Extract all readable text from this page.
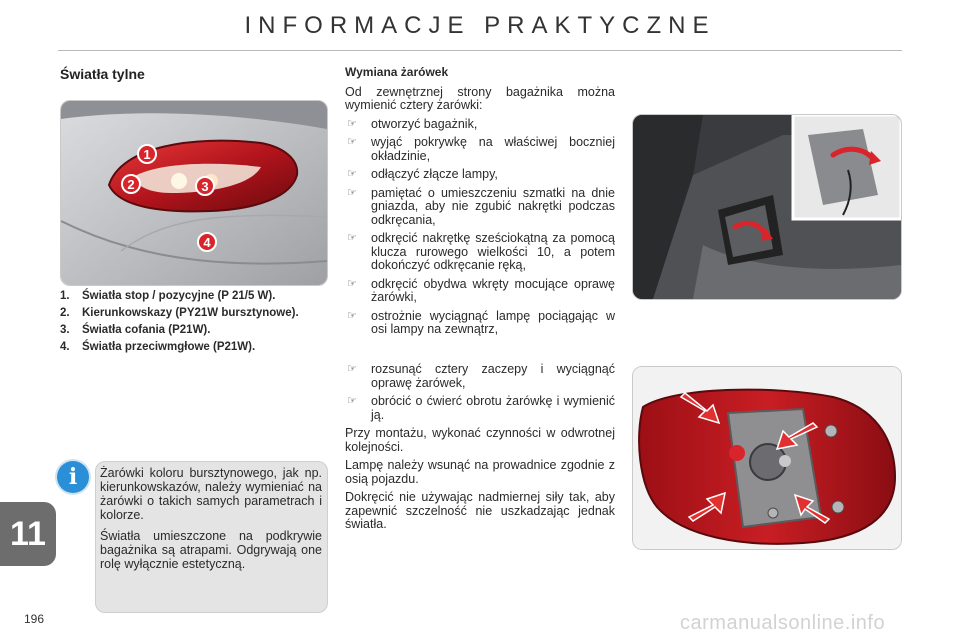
INFORMACJE PRAKTYCZNE
Światła tylne
1
2	3
4
1.	Światła stop / pozycyjne (P 21/5 W).
2.	Kierunkowskazy (PY21W bursztynowe).
3.	Światła cofania (P21W).
4.	Światła przeciwmgłowe (P21W).
i	Żarówki koloru bursztynowego, jak np. kierunkowskazów, należy wymieniać na żarówki o takich samych parametrach i kolorze.

Światła umieszczone na podkrywie bagażnika są atrapami. Odgrywają one rolę wyłącznie estetyczną.

11
196
Wymiana żarówek

Od zewnętrznej strony bagażnika można wymienić cztery żarówki:

☞	otworzyć bagażnik,
☞	wyjąć pokrywkę na właściwej boczniej okładzinie,
☞	odłączyć złącze lampy,
☞	pamiętać o umieszczeniu szmatki na dnie gniazda, aby nie zgubić nakrętki podczas odkręcania,
☞	odkręcić nakrętkę sześciokątną za pomocą klucza rurowego wielkości 10, a potem dokończyć odkręcanie ręką,
☞	odkręcić obydwa wkręty mocujące oprawę żarówki,
☞	ostrożnie wyciągnąć lampę pociągając w osi lampy na zewnątrz,
☞	rozsunąć cztery zaczepy i wyciągnąć oprawę żarówek,
☞	obrócić o ćwierć obrotu żarówkę i wymienić ją.

Przy montażu, wykonać czynności w odwrotnej kolejności.

Lampę należy wsunąć na prowadnice zgodnie z osią pojazdu.

Dokręcić nie używając nadmiernej siły tak, aby zapewnić szczelność nie uszkadzając jednak światła.

carmanualsonline.info
